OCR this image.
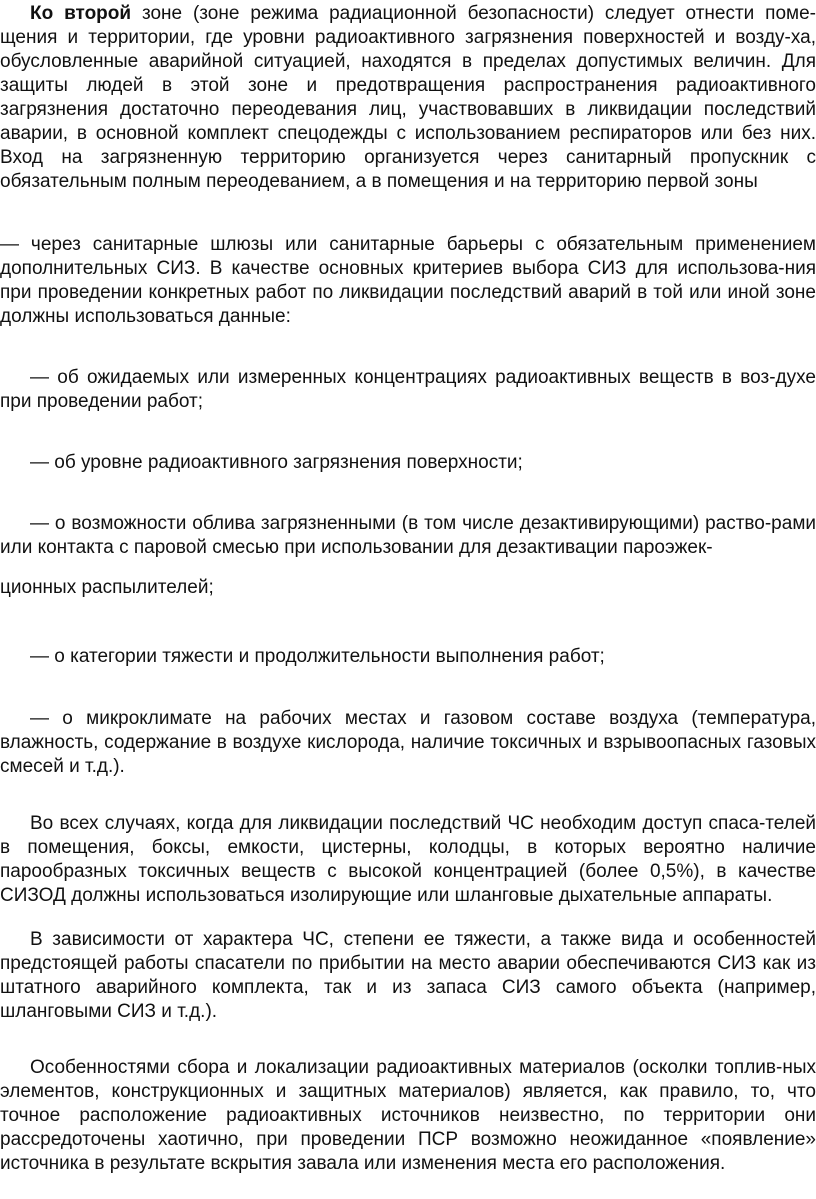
Ко второй зоне (зоне режима радиационной безопасности) следует отнести поме-щения и территории, где уровни радиоактивного загрязнения поверхностей и возду-ха, обусловленные аварийной ситуацией, находятся в пределах допустимых величин. Для защиты людей в этой зоне и предотвращения распространения радиоактивного загрязнения достаточно переодевания лиц, участвовавших в ликвидации последствий аварии, в основной комплект спецодежды с использованием респираторов или без них. Вход на загрязненную территорию организуется через санитарный пропускник с обязательным полным переодеванием, а в помещения и на территорию первой зоны

— через санитарные шлюзы или санитарные барьеры с обязательным применением дополнительных СИЗ. В качестве основных критериев выбора СИЗ для использова-ния при проведении конкретных работ по ликвидации последствий аварий в той или иной зоне должны использоваться данные:

— об ожидаемых или измеренных концентрациях радиоактивных веществ в воз-духе при проведении работ;

— об уровне радиоактивного загрязнения поверхности;

— о возможности облива загрязненными (в том числе дезактивирующими) раство-рами или контакта с паровой смесью при использовании для дезактивации пароэжек-

ционных распылителей;

— о категории тяжести и продолжительности выполнения работ;

— о микроклимате на рабочих местах и газовом составе воздуха (температура, влажность, содержание в воздухе кислорода, наличие токсичных и взрывоопасных газовых смесей и т.д.).

Во всех случаях, когда для ликвидации последствий ЧС необходим доступ спаса-телей в помещения, боксы, емкости, цистерны, колодцы, в которых вероятно наличие парообразных токсичных веществ с высокой концентрацией (более 0,5%), в качестве СИЗОД должны использоваться изолирующие или шланговые дыхательные аппараты.

В зависимости от характера ЧС, степени ее тяжести, а также вида и особенностей предстоящей работы спасатели по прибытии на место аварии обеспечиваются СИЗ как из штатного аварийного комплекта, так и из запаса СИЗ самого объекта (например, шланговыми СИЗ и т.д.).

Особенностями сбора и локализации радиоактивных материалов (осколки топлив-ных элементов, конструкционных и защитных материалов) является, как правило, то, что точное расположение радиоактивных источников неизвестно, по территории они рассредоточены хаотично, при проведении ПСР возможно неожиданное «появление» источника в результате вскрытия завала или изменения места его расположения.
